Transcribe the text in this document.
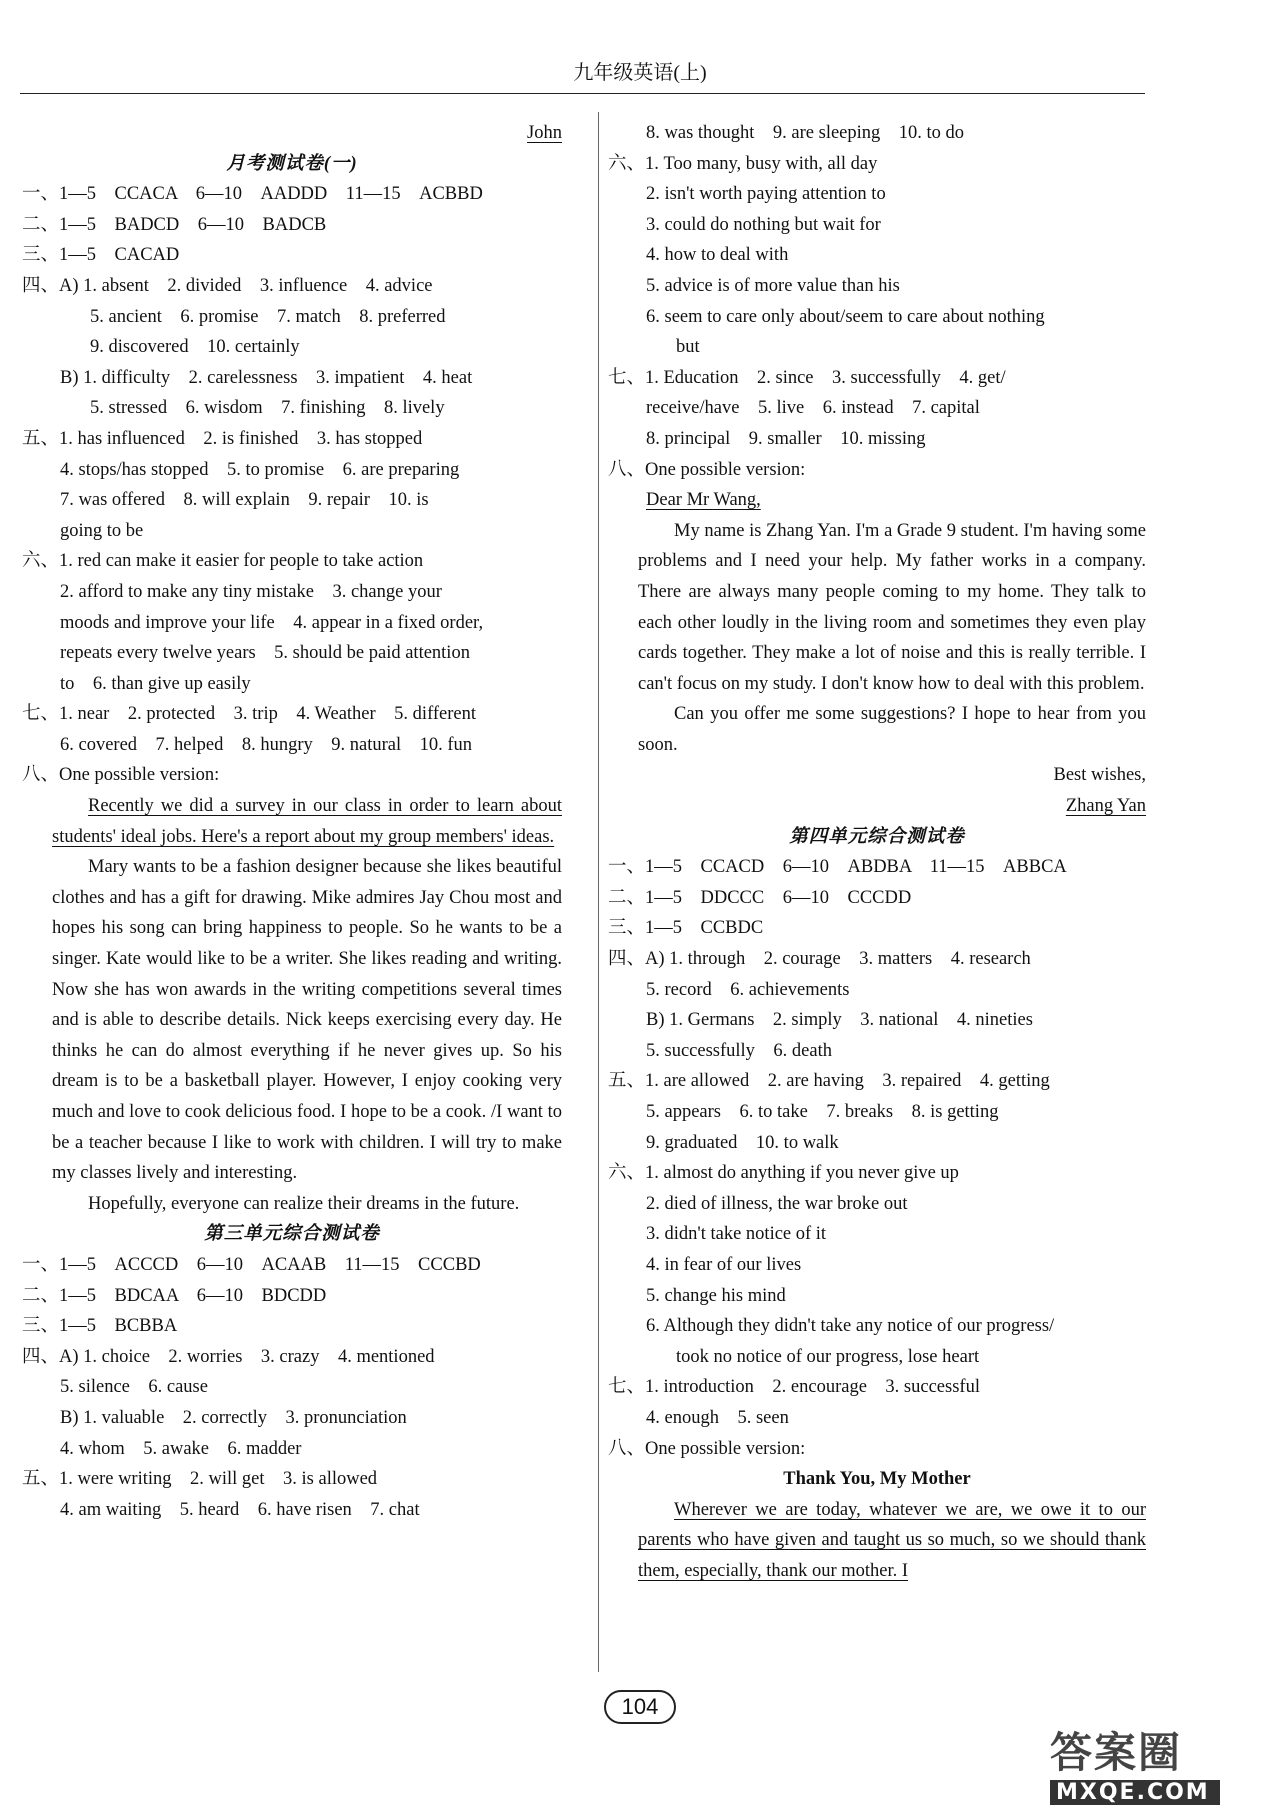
九年级英语(上)
John
月考测试卷(一)
一、1—5　CCACA　6—10　AADDD　11—15　ACBBD
二、1—5　BADCD　6—10　BADCB
三、1—5　CACAD
四、A) 1. absent　2. divided　3. influence　4. advice
5. ancient　6. promise　7. match　8. preferred
9. discovered　10. certainly
B) 1. difficulty　2. carelessness　3. impatient　4. heat
5. stressed　6. wisdom　7. finishing　8. lively
五、1. has influenced　2. is finished　3. has stopped
4. stops/has stopped　5. to promise　6. are preparing
7. was offered　8. will explain　9. repair　10. is
going to be
六、1. red can make it easier for people to take action
2. afford to make any tiny mistake　3. change your
moods and improve your life　4. appear in a fixed order,
repeats every twelve years　5. should be paid attention
to　6. than give up easily
七、1. near　2. protected　3. trip　4. Weather　5. different
6. covered　7. helped　8. hungry　9. natural　10. fun
八、One possible version:
Recently we did a survey in our class in order to learn about students' ideal jobs. Here's a report about my group members' ideas.
Mary wants to be a fashion designer because she likes beautiful clothes and has a gift for drawing. Mike admires Jay Chou most and hopes his song can bring happiness to people. So he wants to be a singer. Kate would like to be a writer. She likes reading and writing. Now she has won awards in the writing competitions several times and is able to describe details. Nick keeps exercising every day. He thinks he can do almost everything if he never gives up. So his dream is to be a basketball player. However, I enjoy cooking very much and love to cook delicious food. I hope to be a cook. /I want to be a teacher because I like to work with children. I will try to make my classes lively and interesting.
Hopefully, everyone can realize their dreams in the future.
第三单元综合测试卷
一、1—5　ACCCD　6—10　ACAAB　11—15　CCCBD
二、1—5　BDCAA　6—10　BDCDD
三、1—5　BCBBA
四、A) 1. choice　2. worries　3. crazy　4. mentioned
5. silence　6. cause
B) 1. valuable　2. correctly　3. pronunciation
4. whom　5. awake　6. madder
五、1. were writing　2. will get　3. is allowed
4. am waiting　5. heard　6. have risen　7. chat
8. was thought　9. are sleeping　10. to do
六、1. Too many, busy with, all day
2. isn't worth paying attention to
3. could do nothing but wait for
4. how to deal with
5. advice is of more value than his
6. seem to care only about/seem to care about nothing
but
七、1. Education　2. since　3. successfully　4. get/
receive/have　5. live　6. instead　7. capital
8. principal　9. smaller　10. missing
八、One possible version:
Dear Mr Wang,
My name is Zhang Yan. I'm a Grade 9 student. I'm having some problems and I need your help. My father works in a company. There are always many people coming to my home. They talk to each other loudly in the living room and sometimes they even play cards together. They make a lot of noise and this is really terrible. I can't focus on my study. I don't know how to deal with this problem.
Can you offer me some suggestions? I hope to hear from you soon.
Best wishes,
Zhang Yan
第四单元综合测试卷
一、1—5　CCACD　6—10　ABDBA　11—15　ABBCA
二、1—5　DDCCC　6—10　CCCDD
三、1—5　CCBDC
四、A) 1. through　2. courage　3. matters　4. research
5. record　6. achievements
B) 1. Germans　2. simply　3. national　4. nineties
5. successfully　6. death
五、1. are allowed　2. are having　3. repaired　4. getting
5. appears　6. to take　7. breaks　8. is getting
9. graduated　10. to walk
六、1. almost do anything if you never give up
2. died of illness, the war broke out
3. didn't take notice of it
4. in fear of our lives
5. change his mind
6. Although they didn't take any notice of our progress/
took no notice of our progress, lose heart
七、1. introduction　2. encourage　3. successful
4. enough　5. seen
八、One possible version:
Thank You, My Mother
Wherever we are today, whatever we are, we owe it to our parents who have given and taught us so much, so we should thank them, especially, thank our mother. I
104
答案圈
MXQE.COM
